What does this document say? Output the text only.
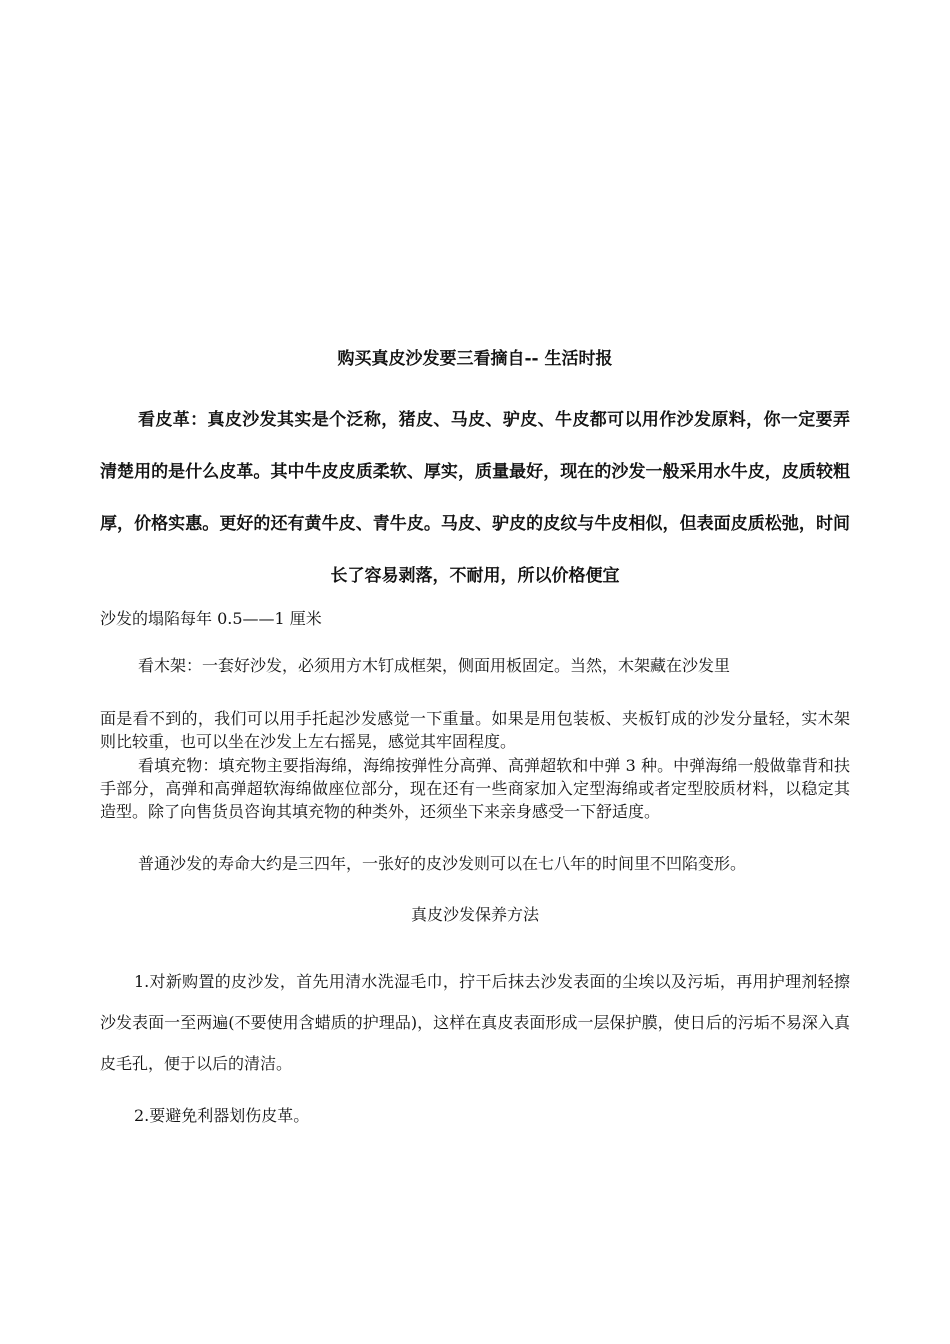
购买真皮沙发要三看摘自-- 生活时报
看皮革：真皮沙发其实是个泛称，猪皮、马皮、驴皮、牛皮都可以用作沙发原料，你一定要弄清楚用的是什么皮革。其中牛皮皮质柔软、厚实，质量最好，现在的沙发一般采用水牛皮，皮质较粗厚，价格实惠。更好的还有黄牛皮、青牛皮。马皮、驴皮的皮纹与牛皮相似，但表面皮质松弛，时间长了容易剥落，不耐用，所以价格便宜
沙发的塌陷每年 0.5——1 厘米
看木架：一套好沙发，必须用方木钉成框架，侧面用板固定。当然，木架藏在沙发里
面是看不到的，我们可以用手托起沙发感觉一下重量。如果是用包装板、夹板钉成的沙发分量轻，实木架则比较重，也可以坐在沙发上左右摇晃，感觉其牢固程度。
看填充物：填充物主要指海绵，海绵按弹性分高弹、高弹超软和中弹 3 种。中弹海绵一般做靠背和扶手部分，高弹和高弹超软海绵做座位部分，现在还有一些商家加入定型海绵或者定型胶质材料，以稳定其造型。除了向售货员咨询其填充物的种类外，还须坐下来亲身感受一下舒适度。
普通沙发的寿命大约是三四年，一张好的皮沙发则可以在七八年的时间里不凹陷变形。
真皮沙发保养方法
1.对新购置的皮沙发，首先用清水洗湿毛巾，拧干后抹去沙发表面的尘埃以及污垢，再用护理剂轻擦沙发表面一至两遍(不要使用含蜡质的护理品)，这样在真皮表面形成一层保护膜，使日后的污垢不易深入真皮毛孔，便于以后的清洁。
2.要避免利器划伤皮革。
